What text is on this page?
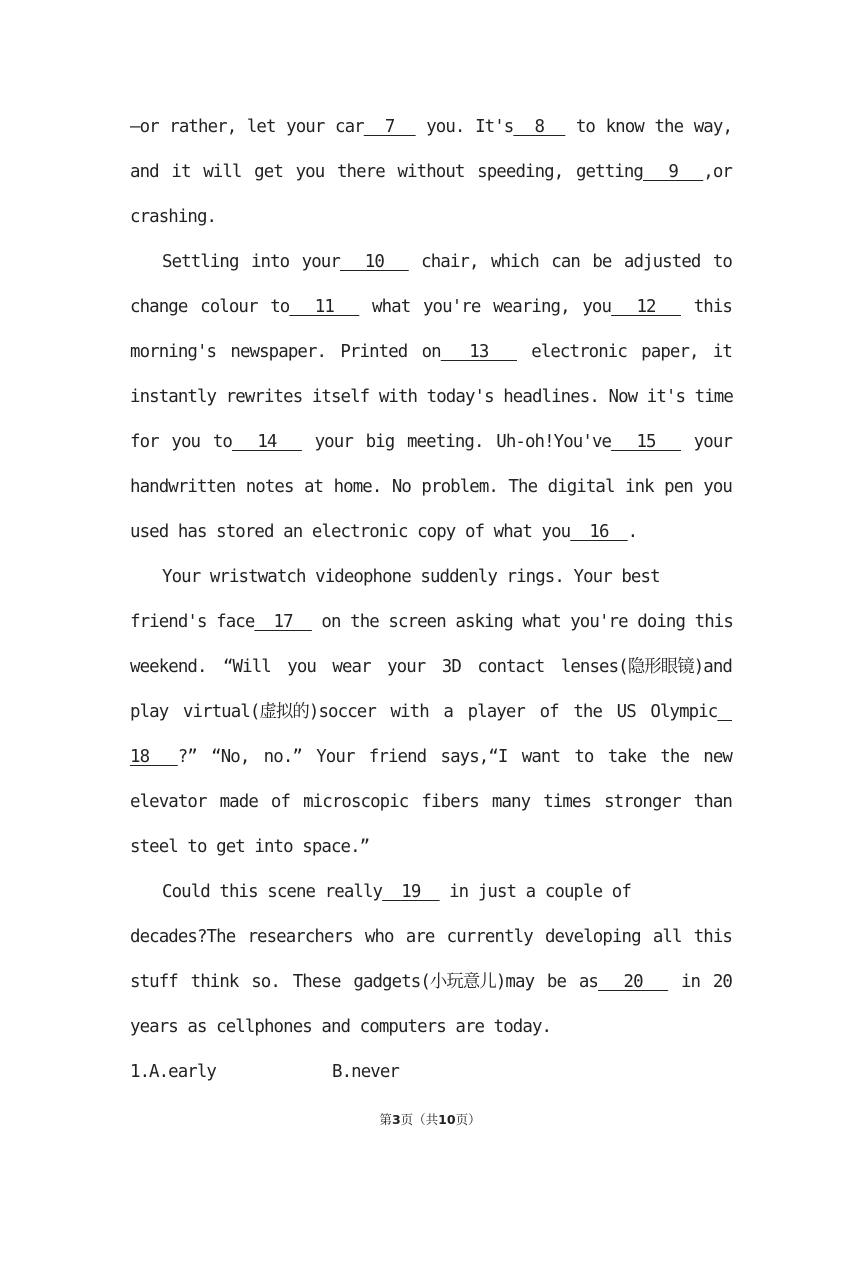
—or rather, let your car 7 you. It's 8 to know the way,
and it will get you there without speeding, getting 9 ,or
crashing.
Settling into your 10 chair, which can be adjusted to
change colour to 11 what you're wearing, you 12 this
morning's newspaper. Printed on 13 electronic paper, it
instantly rewrites itself with today's headlines. Now it's time
for you to 14 your big meeting. Uh-oh!You've 15 your
handwritten notes at home. No problem. The digital ink pen you
used has stored an electronic copy of what you 16 .
Your wristwatch videophone suddenly rings. Your best
friend's face 17 on the screen asking what you're doing this
weekend. “Will you wear your 3D contact lenses(隐形眼镜)and
play virtual(虚拟的)soccer with a player of the US Olympic

18 ?” “No, no.” Your friend says,“I want to take the new
elevator made of microscopic fibers many times stronger than
steel to get into space.”
Could this scene really 19 in just a couple of
decades?The researchers who are currently developing all this
stuff think so. These gadgets(小玩意儿)may be as 20 in 20
years as cellphones and computers are today.

1.

A.early

	B.never

第3页（共10页）
